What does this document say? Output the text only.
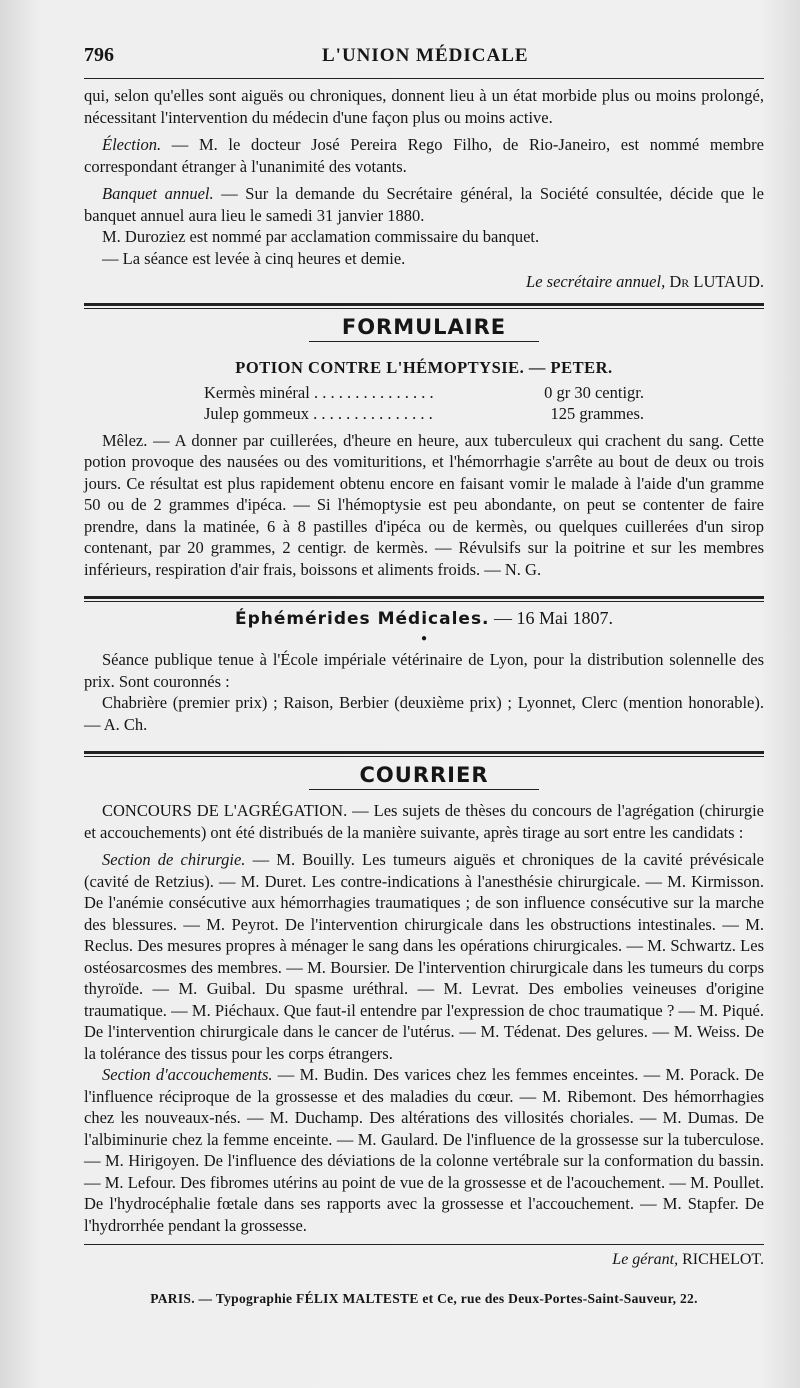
796	L'UNION MÉDICALE

qui, selon qu'elles sont aiguës ou chroniques, donnent lieu à un état morbide plus ou moins prolongé, nécessitant l'intervention du médecin d'une façon plus ou moins active.

Élection. — M. le docteur José Pereira Rego Filho, de Rio-Janeiro, est nommé membre correspondant étranger à l'unanimité des votants.

Banquet annuel. — Sur la demande du Secrétaire général, la Société consultée, décide que le banquet annuel aura lieu le samedi 31 janvier 1880.

M. Duroziez est nommé par acclamation commissaire du banquet.

— La séance est levée à cinq heures et demie.

Le secrétaire annuel, Dr LUTAUD.

FORMULAIRE
POTION CONTRE L'HÉMOPTYSIE. — PETER.
Kermès minéral . . . . . . . . . . . . . . .	0 gr 30 centigr.
Julep gommeux . . . . . . . . . . . . . . .	125 grammes.

Mêlez. — A donner par cuillerées, d'heure en heure, aux tuberculeux qui crachent du sang. Cette potion provoque des nausées ou des vomituritions, et l'hémorrhagie s'arrête au bout de deux ou trois jours. Ce résultat est plus rapidement obtenu encore en faisant vomir le malade à l'aide d'un gramme 50 ou de 2 grammes d'ipéca. — Si l'hémoptysie est peu abondante, on peut se contenter de faire prendre, dans la matinée, 6 à 8 pastilles d'ipéca ou de kermès, ou quelques cuillerées d'un sirop contenant, par 20 grammes, 2 centigr. de kermès. — Révulsifs sur la poitrine et sur les membres inférieurs, respiration d'air frais, boissons et aliments froids. — N. G.

Éphémérides Médicales. — 16 Mai 1807.
●

Séance publique tenue à l'École impériale vétérinaire de Lyon, pour la distribution solennelle des prix. Sont couronnés :

Chabrière (premier prix) ; Raison, Berbier (deuxième prix) ; Lyonnet, Clerc (mention honorable). — A. Ch.

COURRIER

CONCOURS DE L'AGRÉGATION. — Les sujets de thèses du concours de l'agrégation (chirurgie et accouchements) ont été distribués de la manière suivante, après tirage au sort entre les candidats :

Section de chirurgie. — M. Bouilly. Les tumeurs aiguës et chroniques de la cavité prévésicale (cavité de Retzius). — M. Duret. Les contre-indications à l'anesthésie chirurgicale. — M. Kirmisson. De l'anémie consécutive aux hémorrhagies traumatiques ; de son influence consécutive sur la marche des blessures. — M. Peyrot. De l'intervention chirurgicale dans les obstructions intestinales. — M. Reclus. Des mesures propres à ménager le sang dans les opérations chirurgicales. — M. Schwartz. Les ostéosarcosmes des membres. — M. Boursier. De l'intervention chirurgicale dans les tumeurs du corps thyroïde. — M. Guibal. Du spasme uréthral. — M. Levrat. Des embolies veineuses d'origine traumatique. — M. Piéchaux. Que faut-il entendre par l'expression de choc traumatique ? — M. Piqué. De l'intervention chirurgicale dans le cancer de l'utérus. — M. Tédenat. Des gelures. — M. Weiss. De la tolérance des tissus pour les corps étrangers.

Section d'accouchements. — M. Budin. Des varices chez les femmes enceintes. — M. Porack. De l'influence réciproque de la grossesse et des maladies du cœur. — M. Ribemont. Des hémorrhagies chez les nouveaux-nés. — M. Duchamp. Des altérations des villosités choriales. — M. Dumas. De l'albiminurie chez la femme enceinte. — M. Gaulard. De l'influence de la grossesse sur la tuberculose. — M. Hirigoyen. De l'influence des déviations de la colonne vertébrale sur la conformation du bassin. — M. Lefour. Des fibromes utérins au point de vue de la grossesse et de l'acouchement. — M. Poullet. De l'hydrocéphalie fœtale dans ses rapports avec la grossesse et l'accouchement. — M. Stapfer. De l'hydrorrhée pendant la grossesse.

Le gérant, RICHELOT.

PARIS. — Typographie FÉLIX MALTESTE et Ce, rue des Deux-Portes-Saint-Sauveur, 22.
